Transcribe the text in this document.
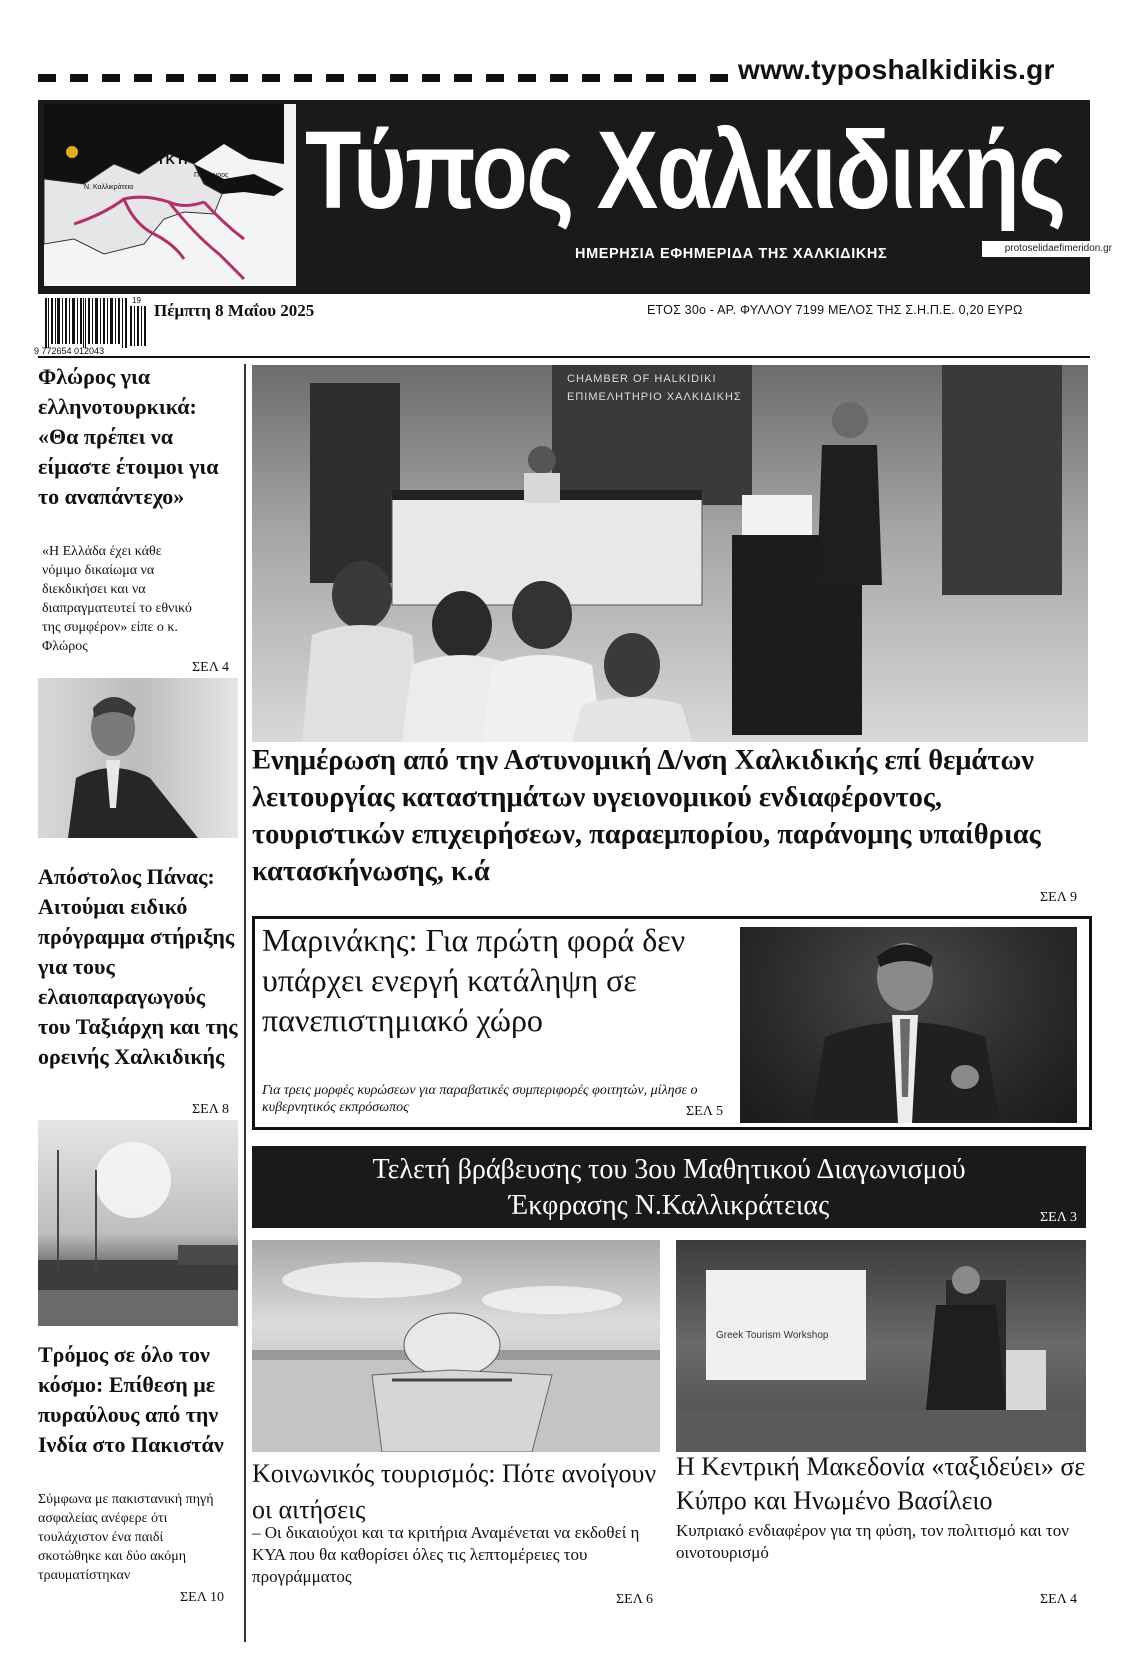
www.typoshalkidikis.gr
ΘΕΣΣΑΛΟΝΙΚΗ
ΧΑΛΚΙΔΙΚΗ
Ν. Καλλικράτεια
Πολύγυρος Τύπος Χαλκιδικής
ΗΜΕΡΗΣΙΑ ΕΦΗΜΕΡΙΔΑ ΤΗΣ ΧΑΛΚΙΔΙΚΗΣ	protoselidaefimeridon.gr
19
9 772654 012043
Πέμπτη 8 Μαΐου 2025	ΕΤΟΣ 30ο - ΑΡ. ΦΥΛΛΟΥ 7199 ΜΕΛΟΣ ΤΗΣ Σ.Η.Π.Ε. 0,20 ΕΥΡΩ
Φλώρος για ελληνοτουρκικά: «Θα πρέπει να είμαστε έτοιμοι για το αναπάντεχο»
«Η Ελλάδα έχει κάθε νόμιμο δικαίωμα να διεκδικήσει και να διαπραγματευτεί το εθνικό της συμφέρον» είπε ο κ. Φλώρος
ΣΕΛ 4
Απόστολος Πάνας: Αιτούμαι ειδικό πρόγραμμα στήριξης για τους ελαιοπαραγωγούς του Ταξιάρχη και της ορεινής Χαλκιδικής
ΣΕΛ 8
Τρόμος σε όλο τον κόσμο: Επίθεση με πυραύλους από την Ινδία στο Πακιστάν
Σύμφωνα με πακιστανική πηγή ασφαλείας ανέφερε ότι τουλάχιστον ένα παιδί σκοτώθηκε και δύο ακόμη τραυματίστηκαν
ΣΕΛ 10
CHAMBER OF HALKIDIKI
ΕΠΙΜΕΛΗΤΗΡΙΟ ΧΑΛΚΙΔΙΚΗΣ
Ενημέρωση από την Αστυνομική Δ/νση Χαλκιδικής επί θεμάτων λειτουργίας καταστημάτων υγειονομικού ενδιαφέροντος, τουριστικών επιχειρήσεων, παραεμπορίου, παράνομης υπαίθριας κατασκήνωσης, κ.ά
ΣΕΛ 9
Μαρινάκης: Για πρώτη φορά δεν υπάρχει ενεργή κατάληψη σε πανεπιστημιακό χώρο
Για τρεις μορφές κυρώσεων για παραβατικές συμπεριφορές φοιτητών, μίλησε ο κυβερνητικός εκπρόσωπος	ΣΕΛ 5
Τελετή βράβευσης του 3ου Μαθητικού Διαγωνισμού
Έκφρασης Ν.Καλλικράτειας	ΣΕΛ 3
Κοινωνικός τουρισμός: Πότε ανοίγουν οι αιτήσεις
– Οι δικαιούχοι και τα κριτήρια Αναμένεται να εκδοθεί η ΚΥΑ που θα καθορίσει όλες τις λεπτομέρειες του προγράμματος
ΣΕΛ 6
Greek Tourism Workshop
Η Κεντρική Μακεδονία «ταξιδεύει» σε Κύπρο και Ηνωμένο Βασίλειο
Κυπριακό ενδιαφέρον για τη φύση, τον πολιτισμό και τον οινοτουρισμό
ΣΕΛ 4
